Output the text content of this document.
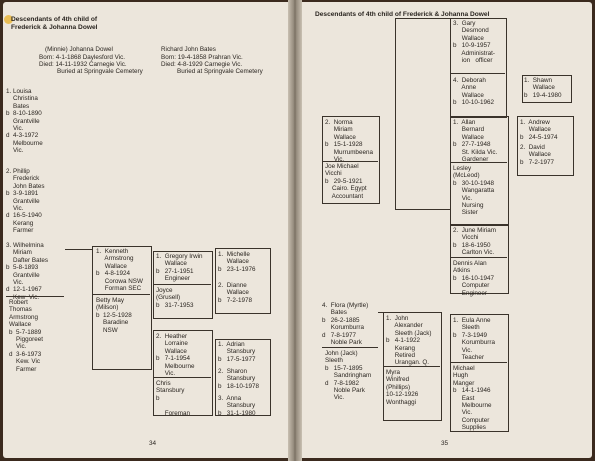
Descendants of 4th child of
Frederick & Johanna Dowel
(Minnie) Johanna Dowel
Born: 4-1-1868 Daylesford Vic.
Died: 14-11-1932 Carnegie Vic.
Buried at Springvale Cemetery
Richard John Bates
Born: 19-4-1858 Prahran Vic.
Died: 4-8-1929 Carnegie Vic.
Buried at Springvale Cemetery
1. Louisa
Christina
Bates
b  8-10-1890
Grantville
Vic.
d  4-3-1972
Melbourne
Vic.
2. Phillip
Frederick
John Bates
b  3-9-1891
Grantville
Vic.
d  16-5-1940
Kerang
Farmer
3. Wilhelmina
Miriam
Dafter Bates
b  5-8-1893
Grantville
Vic.
d  12-1-1967
Kew  Vic.
Robert
Thomas
Armstrong
Wallace
b  5-7-1889
Piggoreet
Vic.
d  3-6-1973
Kew. Vic
Farmer
1.  Kenneth
Armstrong
Wallace
b   4-8-1924
Corowa NSW
Forman SEC
Betty May
(Milson)
b  12-5-1928
Baradine
NSW
1.  Gregory Irwin
Wallace
b   27-1-1951
Engineer
Joyce
(Grusell)
b   31-7-1953
1.  Michelle
Wallace
b   23-1-1976
2.  Dianne
Wallace
b   7-2-1978
2.  Heather
Lorraine
Wallace
b   7-1-1954
Melbourne
Vic.
Chris
Stansbury
b

Foreman
1.  Adrian
Stansbury
b   17-5-1977
2.  Sharon
Stansbury
b   18-10-1978
3.  Anna
Stansbury
b   31-1-1980
34
Descendants of 4th child of Frederick & Johanna Dowel
3.  Gary
Desmond
Wallace
b   10-9-1957
Administrat-
ion   officer
4.  Deborah
Anne
Wallace
b   10-10-1962
1.  Shawn
Wallace
b   19-4-1980
2.  Norma
Miriam
Wallace
b   15-1-1928
Murrumbeena
Vic.
Joe Michael
Vicchi
b   29-5-1921
Cairo. Egypt
Accountant
1.  Allan
Bernard
Wallace
b   27-7-1948
St. Kilda Vic.
Gardener
Lesley
(McLeod)
b   30-10-1948
Wangaratta
Vic.
Nursing
Sister
1.  Andrew
Wallace
b   24-5-1974
2.  David
Wallace
b   7-2-1977
2.  June Miriam
Vicchi
b   18-6-1950
Carlton Vic.
Dennis Alan
Atkins
b   16-10-1947
Computer
Engineer
4.  Flora (Myrtle)
Bates
b   26-2-1885
Korumburra
d   7-8-1977
Noble Park
John (Jack)
Sleeth
b   15-7-1895
Sandringham
d   7-8-1982
Noble Park
Vic.
1.  John
Alexander
Sleeth (Jack)
b   4-1-1922
Kerang
Retired
Urangan. Q.
Myra
Winifred
(Phillips)
10-12-1926
Wonthaggi
1.  Eula Anne
Sleeth
b   7-3-1949
Korumburra
Vic.
Teacher
Michael
Hugh
Manger
b   14-1-1946
East
Melbourne
Vic.
Computer
Supplies
35
